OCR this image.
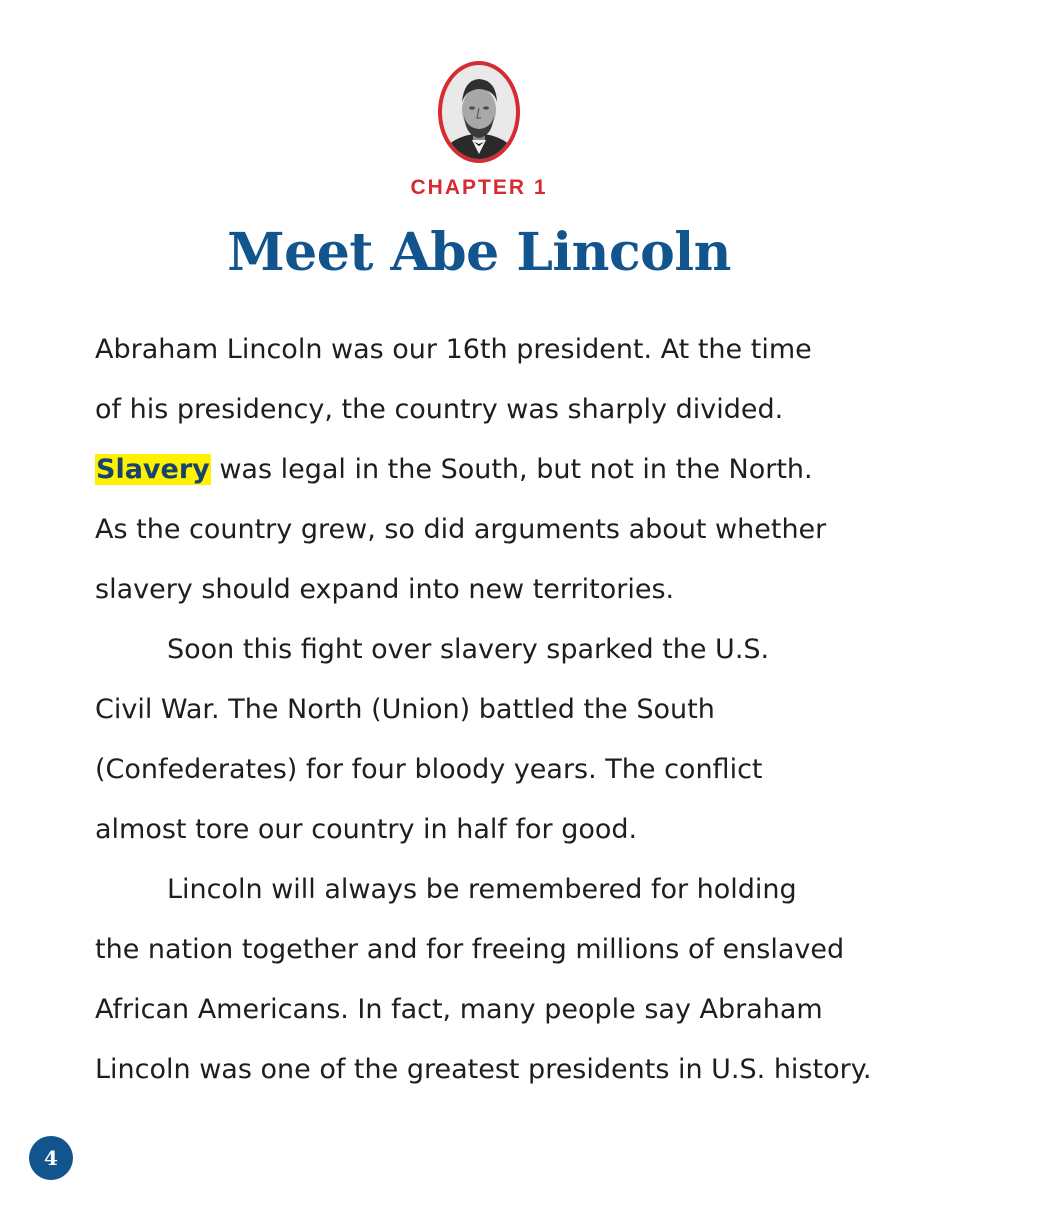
CHAPTER 1
Meet Abe Lincoln
Abraham Lincoln was our 16th president. At the time
of his presidency, the country was sharply divided.
Slavery was legal in the South, but not in the North.
As the country grew, so did arguments about whether
slavery should expand into new territories.
Soon this fight over slavery sparked the U.S.
Civil War. The North (Union) battled the South
(Confederates) for four bloody years. The conflict
almost tore our country in half for good.
Lincoln will always be remembered for holding
the nation together and for freeing millions of enslaved
African Americans. In fact, many people say Abraham
Lincoln was one of the greatest presidents in U.S. history.
4
